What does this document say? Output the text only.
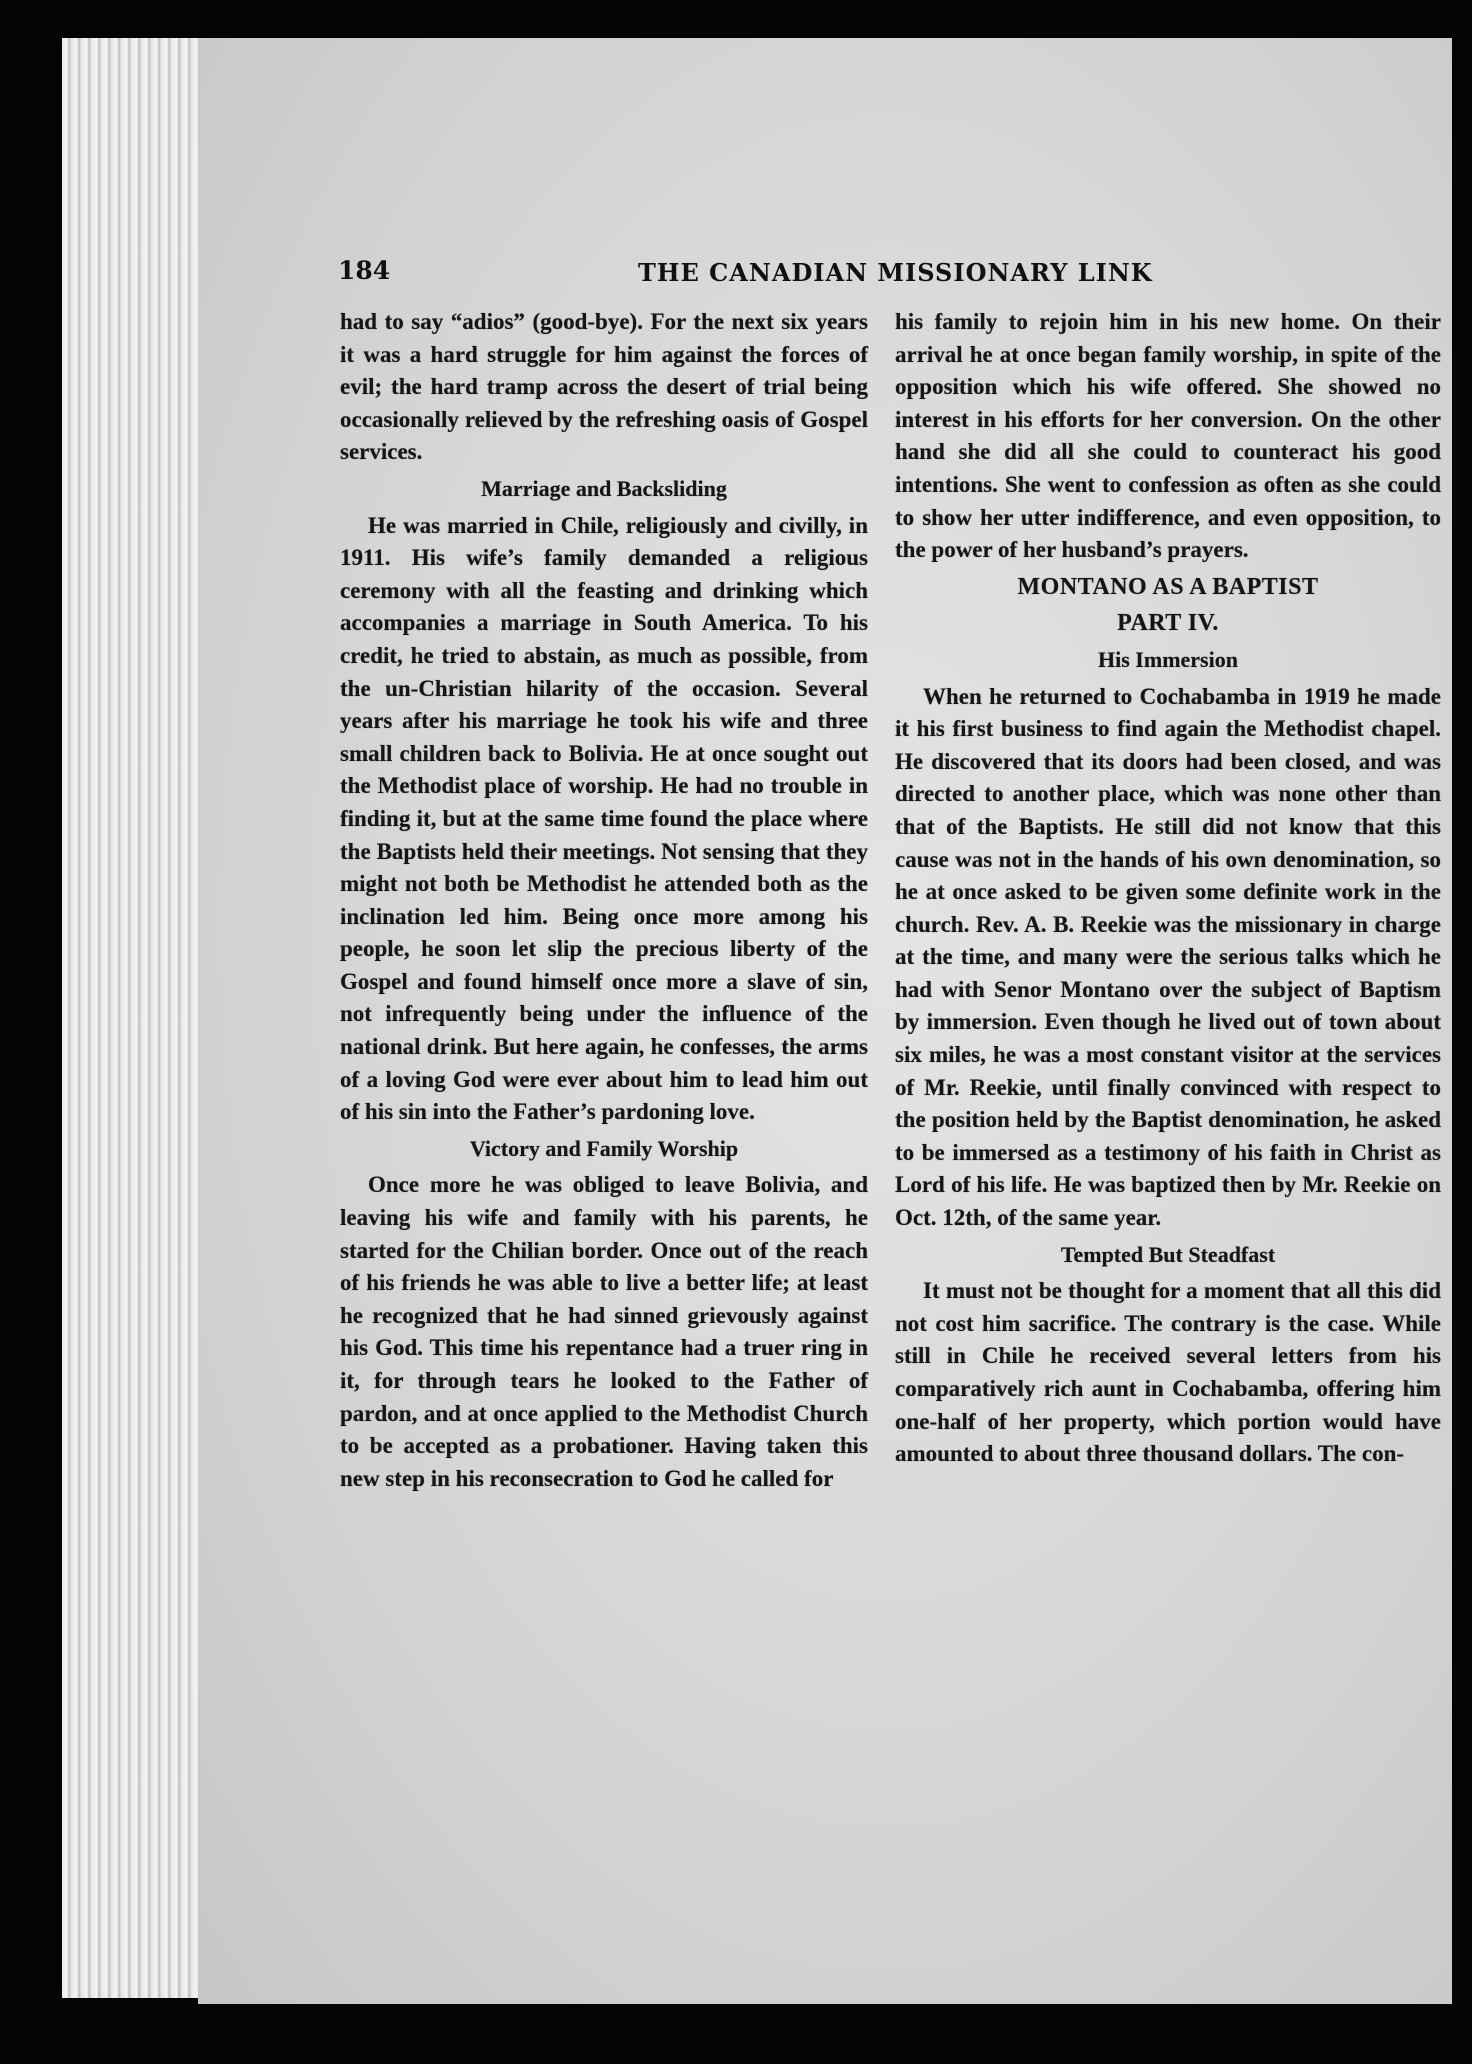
184	THE CANADIAN MISSIONARY LINK

had to say “adios” (good-bye). For the next six years it was a hard struggle for him against the forces of evil; the hard tramp across the desert of trial being occasionally relieved by the refreshing oasis of Gospel services.

Marriage and Backsliding

He was married in Chile, religiously and civilly, in 1911. His wife’s family demanded a religious ceremony with all the feasting and drinking which accompanies a marriage in South America. To his credit, he tried to abstain, as much as possible, from the un-Christian hilarity of the occasion. Several years after his marriage he took his wife and three small children back to Bolivia. He at once sought out the Methodist place of worship. He had no trouble in finding it, but at the same time found the place where the Baptists held their meetings. Not sensing that they might not both be Methodist he attended both as the inclination led him. Being once more among his people, he soon let slip the precious liberty of the Gospel and found himself once more a slave of sin, not infrequently being under the influence of the national drink. But here again, he confesses, the arms of a loving God were ever about him to lead him out of his sin into the Father’s pardoning love.

Victory and Family Worship

Once more he was obliged to leave Bolivia, and leaving his wife and family with his parents, he started for the Chilian border. Once out of the reach of his friends he was able to live a better life; at least he recognized that he had sinned grievously against his God. This time his repentance had a truer ring in it, for through tears he looked to the Father of pardon, and at once applied to the Methodist Church to be accepted as a probationer. Having taken this new step in his reconsecration to God he called for

his family to rejoin him in his new home. On their arrival he at once began family worship, in spite of the opposition which his wife offered. She showed no interest in his efforts for her conversion. On the other hand she did all she could to counteract his good intentions. She went to confession as often as she could to show her utter indifference, and even opposition, to the power of her husband’s prayers.

MONTANO AS A BAPTIST
PART IV.
His Immersion

When he returned to Cochabamba in 1919 he made it his first business to find again the Methodist chapel. He discovered that its doors had been closed, and was directed to another place, which was none other than that of the Baptists. He still did not know that this cause was not in the hands of his own denomination, so he at once asked to be given some definite work in the church. Rev. A. B. Reekie was the missionary in charge at the time, and many were the serious talks which he had with Senor Montano over the subject of Baptism by immersion. Even though he lived out of town about six miles, he was a most constant visitor at the services of Mr. Reekie, until finally convinced with respect to the position held by the Baptist denomination, he asked to be immersed as a testimony of his faith in Christ as Lord of his life. He was baptized then by Mr. Reekie on Oct. 12th, of the same year.

Tempted But Steadfast

It must not be thought for a moment that all this did not cost him sacrifice. The contrary is the case. While still in Chile he received several letters from his comparatively rich aunt in Cochabamba, offering him one-half of her property, which portion would have amounted to about three thousand dollars. The con-
